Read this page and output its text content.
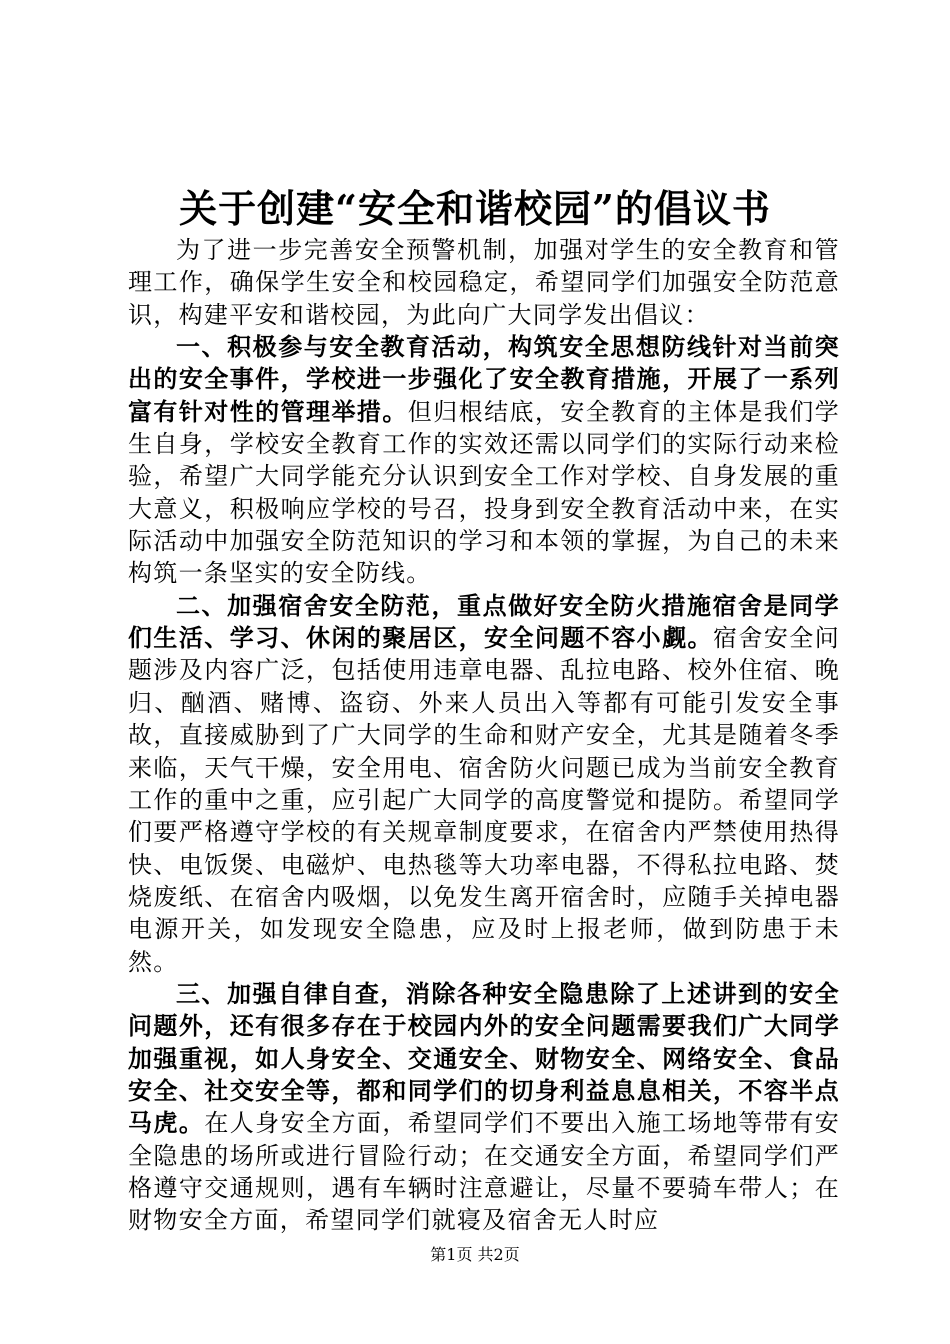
关于创建“安全和谐校园”的倡议书

为了进一步完善安全预警机制，加强对学生的安全教育和管理工作，确保学生安全和校园稳定，希望同学们加强安全防范意识，构建平安和谐校园，为此向广大同学发出倡议：

一、积极参与安全教育活动，构筑安全思想防线针对当前突出的安全事件，学校进一步强化了安全教育措施，开展了一系列富有针对性的管理举措。但归根结底，安全教育的主体是我们学生自身，学校安全教育工作的实效还需以同学们的实际行动来检验，希望广大同学能充分认识到安全工作对学校、自身发展的重大意义，积极响应学校的号召，投身到安全教育活动中来，在实际活动中加强安全防范知识的学习和本领的掌握，为自己的未来构筑一条坚实的安全防线。

二、加强宿舍安全防范，重点做好安全防火措施宿舍是同学们生活、学习、休闲的聚居区，安全问题不容小觑。宿舍安全问题涉及内容广泛，包括使用违章电器、乱拉电路、校外住宿、晚归、酗酒、赌博、盗窃、外来人员出入等都有可能引发安全事故，直接威胁到了广大同学的生命和财产安全，尤其是随着冬季来临，天气干燥，安全用电、宿舍防火问题已成为当前安全教育工作的重中之重，应引起广大同学的高度警觉和提防。希望同学们要严格遵守学校的有关规章制度要求，在宿舍内严禁使用热得快、电饭煲、电磁炉、电热毯等大功率电器，不得私拉电路、焚烧废纸、在宿舍内吸烟，以免发生离开宿舍时，应随手关掉电器电源开关，如发现安全隐患，应及时上报老师，做到防患于未然。

三、加强自律自查，消除各种安全隐患除了上述讲到的安全问题外，还有很多存在于校园内外的安全问题需要我们广大同学加强重视，如人身安全、交通安全、财物安全、网络安全、食品安全、社交安全等，都和同学们的切身利益息息相关，不容半点马虎。在人身安全方面，希望同学们不要出入施工场地等带有安全隐患的场所或进行冒险行动；在交通安全方面，希望同学们严格遵守交通规则，遇有车辆时注意避让，尽量不要骑车带人；在财物安全方面，希望同学们就寝及宿舍无人时应

第1页 共2页
